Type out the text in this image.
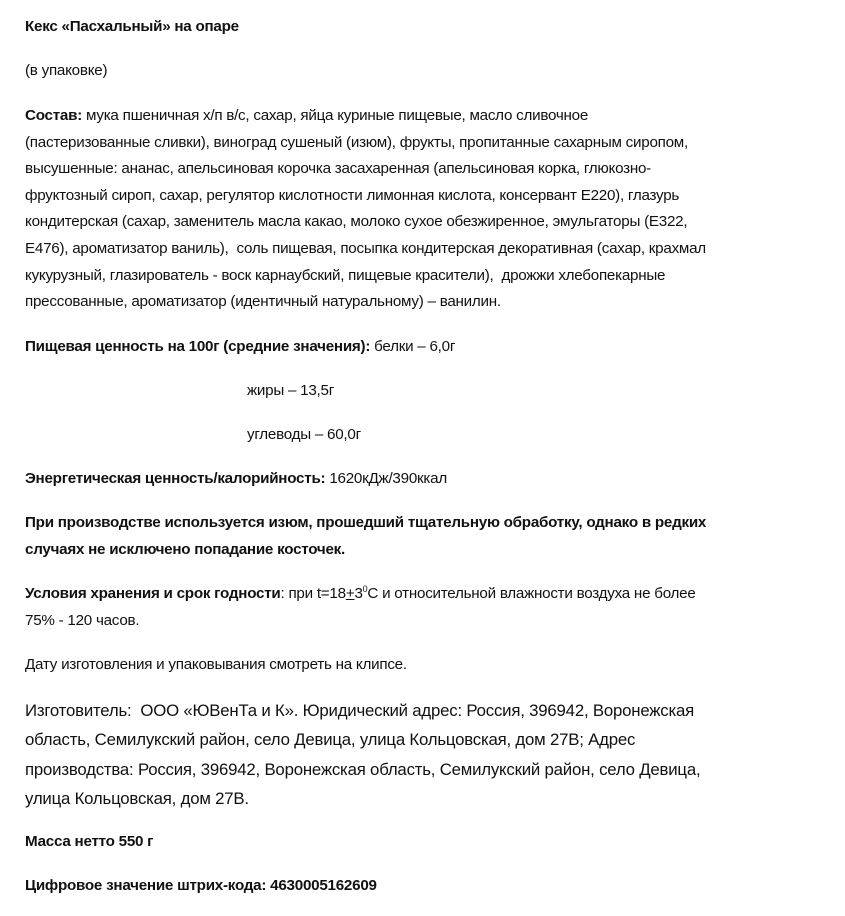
Кекс «Пасхальный» на опаре
(в упаковке)
Состав: мука пшеничная х/п в/с, сахар, яйца куриные пищевые, масло сливочное
(пастеризованные сливки), виноград сушеный (изюм), фрукты, пропитанные сахарным сиропом,
высушенные: ананас, апельсиновая корочка засахаренная (апельсиновая корка, глюкозно-
фруктозный сироп, сахар, регулятор кислотности лимонная кислота, консервант Е220), глазурь
кондитерская (сахар, заменитель масла какао, молоко сухое обезжиренное, эмульгаторы (Е322,
Е476), ароматизатор ваниль),  соль пищевая, посыпка кондитерская декоративная (сахар, крахмал
кукурузный, глазирователь - воск карнаубский, пищевые красители),  дрожжи хлебопекарные
прессованные, ароматизатор (идентичный натуральному) – ванилин.
Пищевая ценность на 100г (средние значения): белки – 6,0г
жиры – 13,5г
углеводы – 60,0г
Энергетическая ценность/калорийность: 1620кДж/390ккал
При производстве используется изюм, прошедший тщательную обработку, однако в редких
случаях не исключено попадание косточек.
Условия хранения и срок годности: при $t=18+3^0С$ и относительной влажности воздуха не более
75% - 120 часов.
Дату изготовления и упаковывания смотреть на клипсе.
Изготовитель:  ООО «ЮВенТа и К». Юридический адрес: Россия, 396942, Воронежская
область, Семилукский район, село Девица, улица Кольцовская, дом 27В; Адрес
производства: Россия, 396942, Воронежская область, Семилукский район, село Девица,
улица Кольцовская, дом 27В.
Масса нетто 550 г
Цифровое значение штрих-кода: 4630005162609
